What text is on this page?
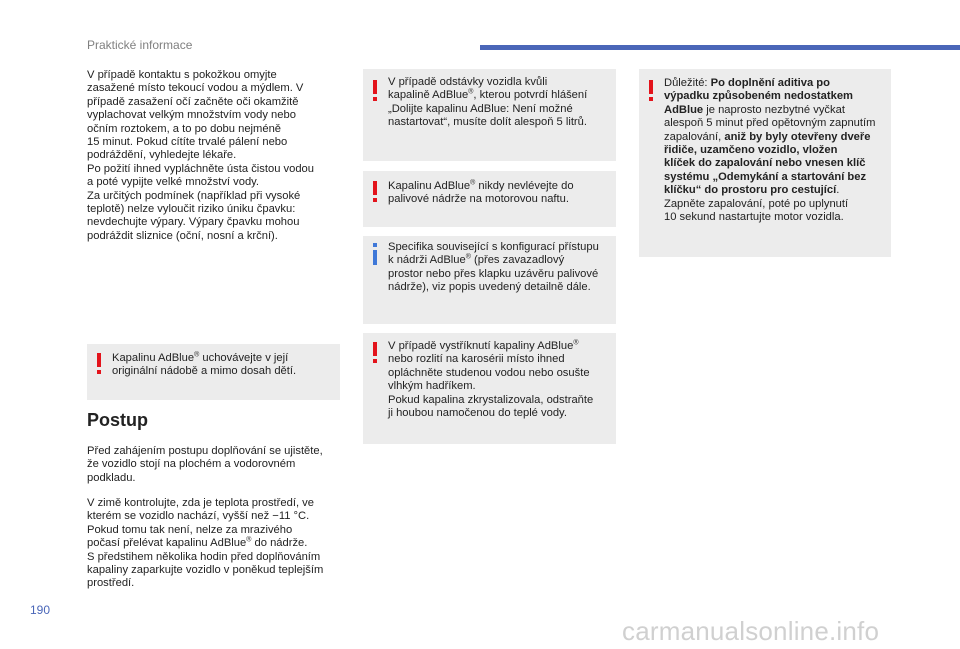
Praktické informace
V případě kontaktu s pokožkou omyjte
zasažené místo tekoucí vodou a mýdlem. V
případě zasažení očí začněte oči okamžitě
vyplachovat velkým množstvím vody nebo
očním roztokem, a to po dobu nejméně
15 minut. Pokud cítíte trvalé pálení nebo
podráždění, vyhledejte lékaře.
Po požití ihned vypláchněte ústa čistou vodou
a poté vypijte velké množství vody.
Za určitých podmínek (například při vysoké
teplotě) nelze vyloučit riziko úniku čpavku:
nevdechujte výpary. Výpary čpavku mohou
podráždit sliznice (oční, nosní a krční).
Kapalinu AdBlue® uchovávejte v její
originální nádobě a mimo dosah dětí.
Postup
Před zahájením postupu doplňování se ujistěte,
že vozidlo stojí na plochém a vodorovném
podkladu.
V zimě kontrolujte, zda je teplota prostředí, ve
kterém se vozidlo nachází, vyšší než −11 °C.
Pokud tomu tak není, nelze za mrazivého
počasí přelévat kapalinu AdBlue® do nádrže.
S předstihem několika hodin před doplňováním
kapaliny zaparkujte vozidlo v poněkud teplejším
prostředí.
V případě odstávky vozidla kvůli
kapalině AdBlue®, kterou potvrdí hlášení
„Dolijte kapalinu AdBlue: Není možné
nastartovat“, musíte dolít alespoň 5 litrů.
Kapalinu AdBlue® nikdy nevlévejte do
palivové nádrže na motorovou naftu.
Specifika související s konfigurací přístupu
k nádrži AdBlue® (přes zavazadlový
prostor nebo přes klapku uzávěru palivové
nádrže), viz popis uvedený detailně dále.
V případě vystříknutí kapaliny AdBlue®
nebo rozlití na karosérii místo ihned
opláchněte studenou vodou nebo osušte
vlhkým hadříkem.
Pokud kapalina zkrystalizovala, odstraňte
ji houbou namočenou do teplé vody.
Důležité: Po doplnění aditiva po
výpadku způsobeném nedostatkem
AdBlue je naprosto nezbytné vyčkat
alespoň 5 minut před opětovným zapnutím
zapalování, aniž by byly otevřeny dveře
řidiče, uzamčeno vozidlo, vložen
klíček do zapalování nebo vnesen klíč
systému „Odemykání a startování bez
klíčku“ do prostoru pro cestující.
Zapněte zapalování, poté po uplynutí
10 sekund nastartujte motor vozidla.
190
carmanualsonline.info
